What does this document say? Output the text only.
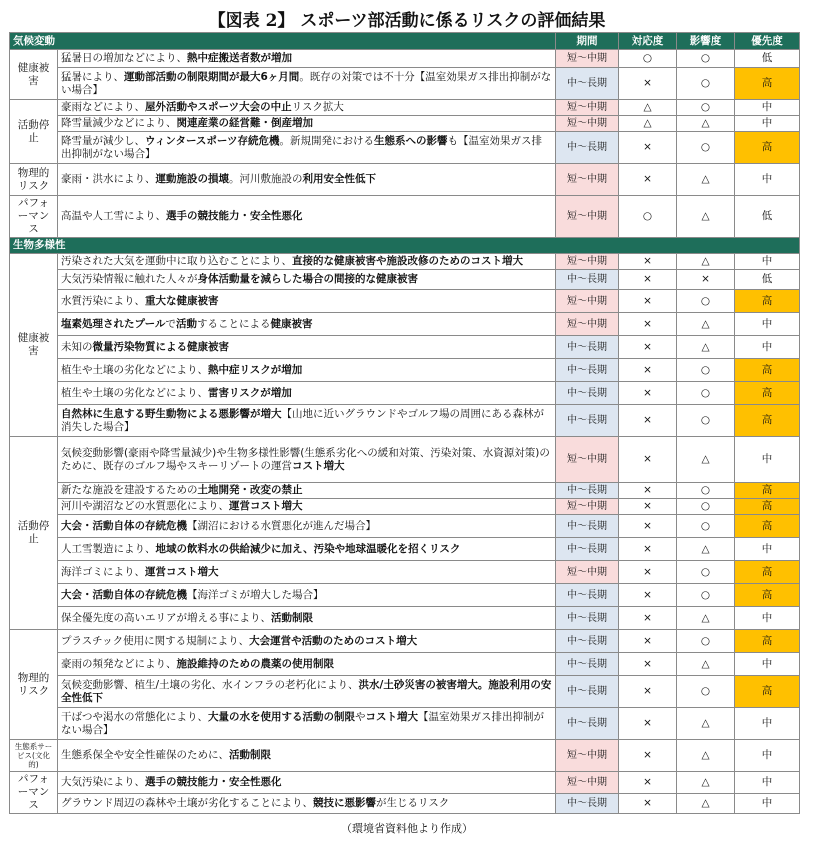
【図表 2】 スポーツ部活動に係るリスクの評価結果
気候変動		期間	対応度	影響度	優先度
健康被害	猛暑日の増加などにより、熱中症搬送者数が増加	短～中期	○	○	低
	猛暑により、運動部活動の制限期間が最大6ヶ月間。既存の対策では不十分【温室効果ガス排出抑制がない場合】	中～長期	×	○	高
活動停止	豪雨などにより、屋外活動やスポーツ大会の中止リスク拡大	短～中期	△	○	中
	降雪量減少などにより、関連産業の経営難・倒産増加	短～中期	△	△	中
	降雪量が減少し、ウィンタースポーツ存続危機。新規開発における生態系への影響も【温室効果ガス排出抑制がない場合】	中～長期	×	○	高
物理的リスク	豪雨・洪水により、運動施設の損壊。河川敷施設の利用安全性低下	短～中期	×	△	中
パフォーマンス	高温や人工雪により、選手の競技能力・安全性悪化	短～中期	○	△	低
生物多様性					
健康被害	汚染された大気を運動中に取り込むことにより、直接的な健康被害や施設改修のためのコスト増大	短～中期	×	△	中
	大気汚染情報に触れた人々が身体活動量を減らした場合の間接的な健康被害	中～長期	×	×	低
	水質汚染により、重大な健康被害	短～中期	×	○	高
	塩素処理されたプールで活動することによる健康被害	短～中期	×	△	中
	未知の微量汚染物質による健康被害	中～長期	×	△	中
	植生や土壌の劣化などにより、熱中症リスクが増加	中～長期	×	○	高
	植生や土壌の劣化などにより、雷害リスクが増加	中～長期	×	○	高
	自然林に生息する野生動物による悪影響が増大【山地に近いグラウンドやゴルフ場の周囲にある森林が消失した場合】	中～長期	×	○	高
活動停止	気候変動影響(豪雨や降雪量減少)や生物多様性影響(生態系劣化への緩和対策、汚染対策、水資源対策)のために、既存のゴルフ場やスキーリゾートの運営コスト増大	短～中期	×	△	中
	新たな施設を建設するための土地開発・改変の禁止	中～長期	×	○	高
	河川や湖沼などの水質悪化により、運営コスト増大	短～中期	×	○	高
	大会・活動自体の存続危機【湖沼における水質悪化が進んだ場合】	中～長期	×	○	高
	人工雪製造により、地域の飲料水の供給減少に加え、汚染や地球温暖化を招くリスク	中～長期	×	△	中
	海洋ゴミにより、運営コスト増大	短～中期	×	○	高
	大会・活動自体の存続危機【海洋ゴミが増大した場合】	中～長期	×	○	高
	保全優先度の高いエリアが増える事により、活動制限	中～長期	×	△	中
物理的リスク	プラスチック使用に関する規制により、大会運営や活動のためのコスト増大	中～長期	×	○	高
	豪雨の頻発などにより、施設維持のための農薬の使用制限	中～長期	×	△	中
	気候変動影響、植生/土壌の劣化、水インフラの老朽化により、洪水/土砂災害の被害増大。施設利用の安全性低下	中～長期	×	○	高
	干ばつや渇水の常態化により、大量の水を使用する活動の制限やコスト増大【温室効果ガス排出抑制がない場合】	中～長期	×	△	中
生態系サービス(文化的)	生態系保全や安全性確保のために、活動制限	短～中期	×	△	中
パフォーマンス	大気汚染により、選手の競技能力・安全性悪化	短～中期	×	△	中
	グラウンド周辺の森林や土壌が劣化することにより、競技に悪影響が生じるリスク	中～長期	×	△	中
（環境省資料他より作成）
